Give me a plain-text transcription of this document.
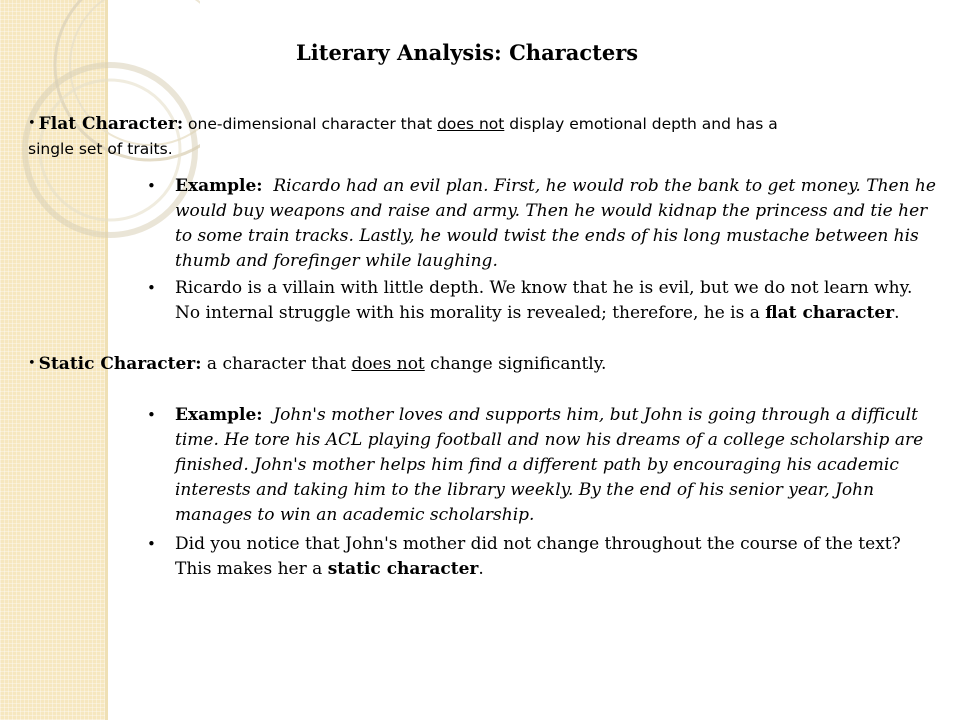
Literary Analysis: Characters
• Flat Character: one-dimensional character that does not display emotional depth and has a
single set of traits.
• Example: Ricardo had an evil plan. First, he would rob the bank to get money. Then he would buy weapons and raise and army. Then he would kidnap the princess and tie her to some train tracks. Lastly, he would twist the ends of his long mustache between his thumb and forefinger while laughing.
• Ricardo is a villain with little depth. We know that he is evil, but we do not learn why. No internal struggle with his morality is revealed; therefore, he is a flat character.
• Static Character: a character that does not change significantly.
• Example: John's mother loves and supports him, but John is going through a difficult time. He tore his ACL playing football and now his dreams of a college scholarship are finished. John's mother helps him find a different path by encouraging his academic interests and taking him to the library weekly. By the end of his senior year, John manages to win an academic scholarship.
• Did you notice that John's mother did not change throughout the course of the text? This makes her a static character.
